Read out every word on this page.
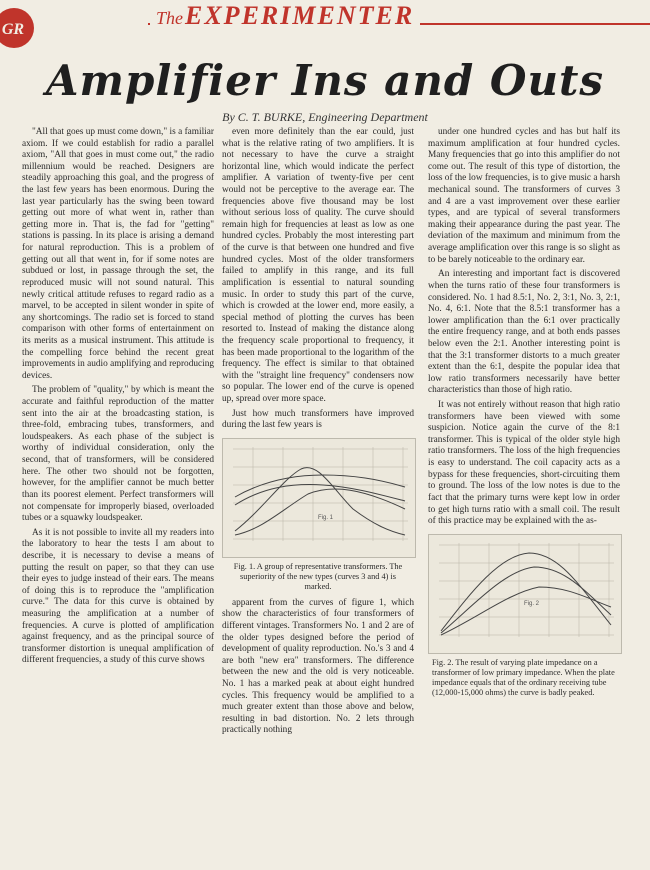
GR
TheEXPERIMENTER
Amplifier Ins and Outs
By C. T. BURKE, Engineering Department

"All that goes up must come down," is a familiar axiom. If we could establish for radio a parallel axiom, "All that goes in must come out," the radio millennium would be reached. Designers are steadily approaching this goal, and the progress of the last few years has been enormous. During the last year particularly has the swing been toward getting out more of what went in, rather than getting more in. That is, the fad for "getting" stations is passing. In its place is arising a demand for natural reproduction. This is a problem of getting out all that went in, for if some notes are subdued or lost, in passage through the set, the reproduced music will not sound natural. This newly critical attitude refuses to regard radio as a marvel, to be accepted in silent wonder in spite of any shortcomings. The radio set is forced to stand comparison with other forms of entertainment on its merits as a musical instrument. This attitude is the compelling force behind the recent great improvements in audio amplifying and reproducing devices.

The problem of "quality," by which is meant the accurate and faithful reproduction of the matter sent into the air at the broadcasting station, is three-fold, embracing tubes, transformers, and loudspeakers. As each phase of the subject is worthy of individual consideration, only the second, that of transformers, will be considered here. The other two should not be forgotten, however, for the amplifier cannot be much better than its poorest element. Perfect transformers will not compensate for improperly biased, overloaded tubes or a squawky loudspeaker.

As it is not possible to invite all my readers into the laboratory to hear the tests I am about to describe, it is necessary to devise a means of putting the result on paper, so that they can use their eyes to judge instead of their ears. The means of doing this is to reproduce the "amplification curve." The data for this curve is obtained by measuring the amplification at a number of frequencies. A curve is plotted of amplification against frequency, and as the principal source of transformer distortion is unequal amplification of different frequencies, a study of this curve shows

even more definitely than the ear could, just what is the relative rating of two amplifiers. It is not necessary to have the curve a straight horizontal line, which would indicate the perfect amplifier. A variation of twenty-five per cent would not be perceptive to the average ear. The frequencies above five thousand may be lost without serious loss of quality. The curve should remain high for frequencies at least as low as one hundred cycles. Probably the most interesting part of the curve is that between one hundred and five hundred cycles. Most of the older transformers failed to amplify in this range, and its full amplification is essential to natural sounding music. In order to study this part of the curve, which is crowded at the lower end, more easily, a special method of plotting the curves has been resorted to. Instead of making the distance along the frequency scale proportional to frequency, it has been made proportional to the logarithm of the frequency. The effect is similar to that obtained with the "straight line frequency" condensers now so popular. The lower end of the curve is opened up, spread over more space.

Just how much transformers have improved during the last few years is

Fig. 1
Fig. 1. A group of representative transformers. The superiority of the new types (curves 3 and 4) is marked.

apparent from the curves of figure 1, which show the characteristics of four transformers of different vintages. Transformers No. 1 and 2 are of the older types designed before the period of development of quality reproduction. No.'s 3 and 4 are both "new era" transformers. The difference between the new and the old is very noticeable. No. 1 has a marked peak at about eight hundred cycles. This frequency would be amplified to a much greater extent than those above and below, resulting in bad distortion. No. 2 lets through practically nothing

under one hundred cycles and has but half its maximum amplification at four hundred cycles. Many frequencies that go into this amplifier do not come out. The result of this type of distortion, the loss of the low frequencies, is to give music a harsh mechanical sound. The transformers of curves 3 and 4 are a vast improvement over these earlier types, and are typical of several transformers making their appearance during the past year. The deviation of the maximum and minimum from the average amplification over this range is so slight as to be barely noticeable to the ordinary ear.

An interesting and important fact is discovered when the turns ratio of these four transformers is considered. No. 1 had 8.5:1, No. 2, 3:1, No. 3, 2:1, No. 4, 6:1. Note that the 8.5:1 transformer has a lower amplification than the 6:1 over practically the entire frequency range, and at both ends passes below even the 2:1. Another interesting point is that the 3:1 transformer distorts to a much greater extent than the 6:1, despite the popular idea that low ratio transformers necessarily have better characteristics than those of high ratio.

It was not entirely without reason that high ratio transformers have been viewed with some suspicion. Notice again the curve of the 8:1 transformer. This is typical of the older style high ratio transformers. The loss of the high frequencies is easy to understand. The coil capacity acts as a bypass for these frequencies, short-circuiting them to ground. The loss of the low notes is due to the fact that the primary turns were kept low in order to get high turns ratio with a small coil. The result of this practice may be explained with the as-

Fig. 2
Fig. 2. The result of varying plate impedance on a transformer of low primary impedance. When the plate impedance equals that of the ordinary receiving tube (12,000-15,000 ohms) the curve is badly peaked.
